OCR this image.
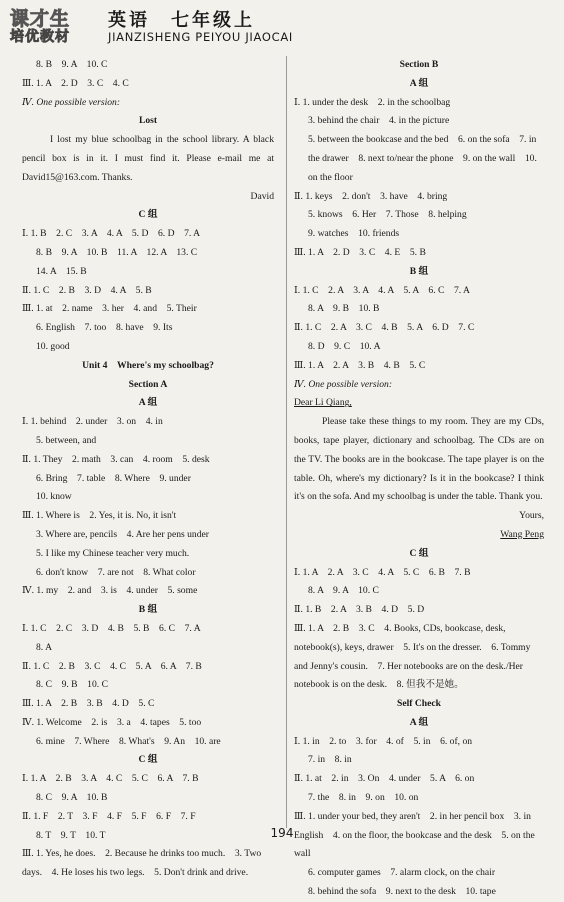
课才生
培优教材
英语　七年级上
JIANZISHENG PEIYOU JIAOCAI
8. B　9. A　10. C
Ⅲ. 1. A　2. D　3. C　4. C
Ⅳ. One possible version:
Lost
I lost my blue schoolbag in the school library. A black pencil box is in it. I must find it. Please e-mail me at David15@163.com. Thanks.
David
C 组
Ⅰ. 1. B　2. C　3. A　4. A　5. D　6. D　7. A
8. B　9. A　10. B　11. A　12. A　13. C
14. A　15. B
Ⅱ. 1. C　2. B　3. D　4. A　5. B
Ⅲ. 1. at　2. name　3. her　4. and　5. Their
6. English　7. too　8. have　9. Its
10. good
Unit 4　Where's my schoolbag?
Section A
A 组
Ⅰ. 1. behind　2. under　3. on　4. in
5. between, and
Ⅱ. 1. They　2. math　3. can　4. room　5. desk
6. Bring　7. table　8. Where　9. under
10. know
Ⅲ. 1. Where is　2. Yes, it is. No, it isn't
3. Where are, pencils　4. Are her pens under
5. I like my Chinese teacher very much.
6. don't know　7. are not　8. What color
Ⅳ. 1. my　2. and　3. is　4. under　5. some
B 组
Ⅰ. 1. C　2. C　3. D　4. B　5. B　6. C　7. A
8. A
Ⅱ. 1. C　2. B　3. C　4. C　5. A　6. A　7. B
8. C　9. B　10. C
Ⅲ. 1. A　2. B　3. B　4. D　5. C
Ⅳ. 1. Welcome　2. is　3. a　4. tapes　5. too
6. mine　7. Where　8. What's　9. An　10. are
C 组
Ⅰ. 1. A　2. B　3. A　4. C　5. C　6. A　7. B
8. C　9. A　10. B
Ⅱ. 1. F　2. T　3. F　4. F　5. F　6. F　7. F
8. T　9. T　10. T
Ⅲ. 1. Yes, he does.　2. Because he drinks too much.　3. Two days.　4. He loses his two legs.　5. Don't drink and drive.
Section B
A 组
Ⅰ. 1. under the desk　2. in the schoolbag
3. behind the chair　4. in the picture
5. between the bookcase and the bed　6. on the sofa　7. in the drawer　8. next to/near the phone　9. on the wall　10. on the floor
Ⅱ. 1. keys　2. don't　3. have　4. bring
5. knows　6. Her　7. Those　8. helping
9. watches　10. friends
Ⅲ. 1. A　2. D　3. C　4. E　5. B
B 组
Ⅰ. 1. C　2. A　3. A　4. A　5. A　6. C　7. A
8. A　9. B　10. B
Ⅱ. 1. C　2. A　3. C　4. B　5. A　6. D　7. C
8. D　9. C　10. A
Ⅲ. 1. A　2. A　3. B　4. B　5. C
Ⅳ. One possible version:
Dear Li Qiang,
Please take these things to my room. They are my CDs, books, tape player, dictionary and schoolbag. The CDs are on the TV. The books are in the bookcase. The tape player is on the table. Oh, where's my dictionary? Is it in the bookcase? I think it's on the sofa. And my schoolbag is under the table. Thank you.
Yours,
Wang Peng
C 组
Ⅰ. 1. A　2. A　3. C　4. A　5. C　6. B　7. B
8. A　9. A　10. C
Ⅱ. 1. B　2. A　3. B　4. D　5. D
Ⅲ. 1. A　2. B　3. C　4. Books, CDs, bookcase, desk, notebook(s), keys, drawer　5. It's on the dresser.　6. Tommy and Jenny's cousin.　7. Her notebooks are on the desk./Her notebook is on the desk.　8. 但我不是她。
Self Check
A 组
Ⅰ. 1. in　2. to　3. for　4. of　5. in　6. of, on
7. in　8. in
Ⅱ. 1. at　2. in　3. On　4. under　5. A　6. on
7. the　8. in　9. on　10. on
Ⅲ. 1. under your bed, they aren't　2. in her pencil box　3. in English　4. on the floor, the bookcase and the desk　5. on the wall
6. computer games　7. alarm clock, on the chair
8. behind the sofa　9. next to the desk　10. tape
194
